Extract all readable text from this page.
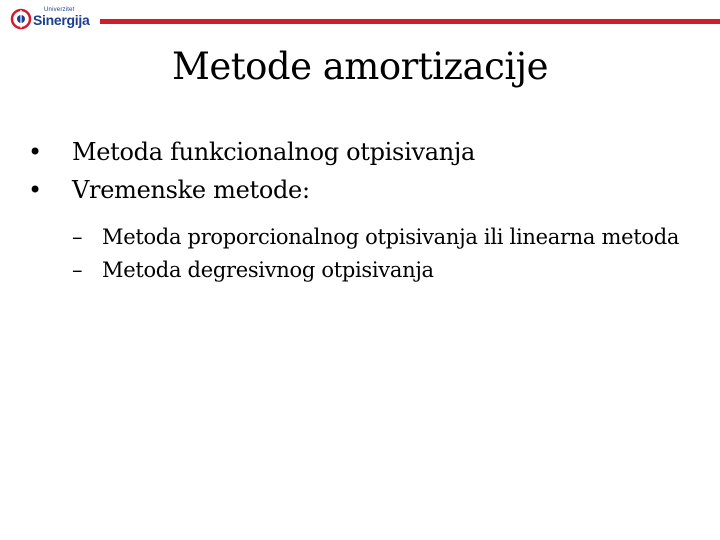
Univerzitet
Sinergija
Metode amortizacije
• Metoda funkcionalnog otpisivanja
• Vremenske metode:
– Metoda proporcionalnog otpisivanja ili linearna metoda
– Metoda degresivnog otpisivanja
